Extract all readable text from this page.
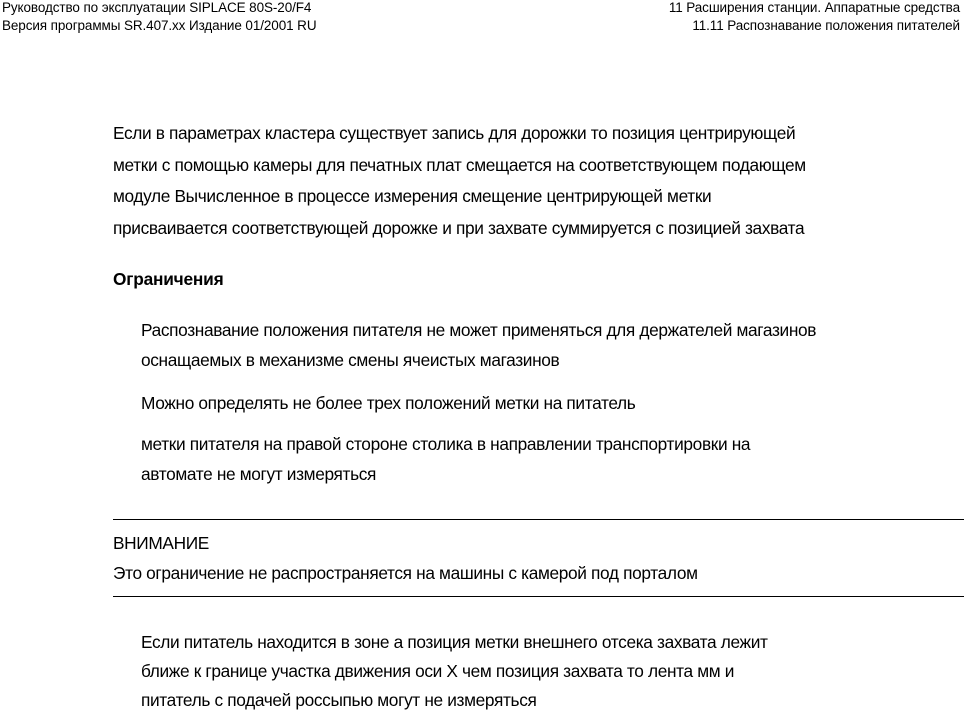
Руководство по эксплуатации SIPLACE 80S-20/F4
Версия программы SR.407.xx Издание 01/2001 RU
11 Расширения станции. Аппаратные средства
11.11 Распознавание положения питателей
Если в параметрах кластера существует запись для дорожки то позиция центрирующей
метки с помощью камеры для печатных плат смещается на соответствующем подающем
модуле Вычисленное в процессе измерения смещение центрирующей метки
присваивается соответствующей дорожке и при захвате суммируется с позицией захвата
Ограничения
Распознавание положения питателя не может применяться для держателей магазинов
оснащаемых в механизме смены ячеистых магазинов
Можно определять не более трех положений метки на питатель
метки питателя на правой стороне столика в направлении транспортировки на
автомате не могут измеряться
ВНИМАНИЕ
Это ограничение не распространяется на машины с камерой под порталом
Если питатель находится в зоне а позиция метки внешнего отсека захвата лежит
ближе к границе участка движения оси X чем позиция захвата то лента мм и
питатель с подачей россыпью могут не измеряться
